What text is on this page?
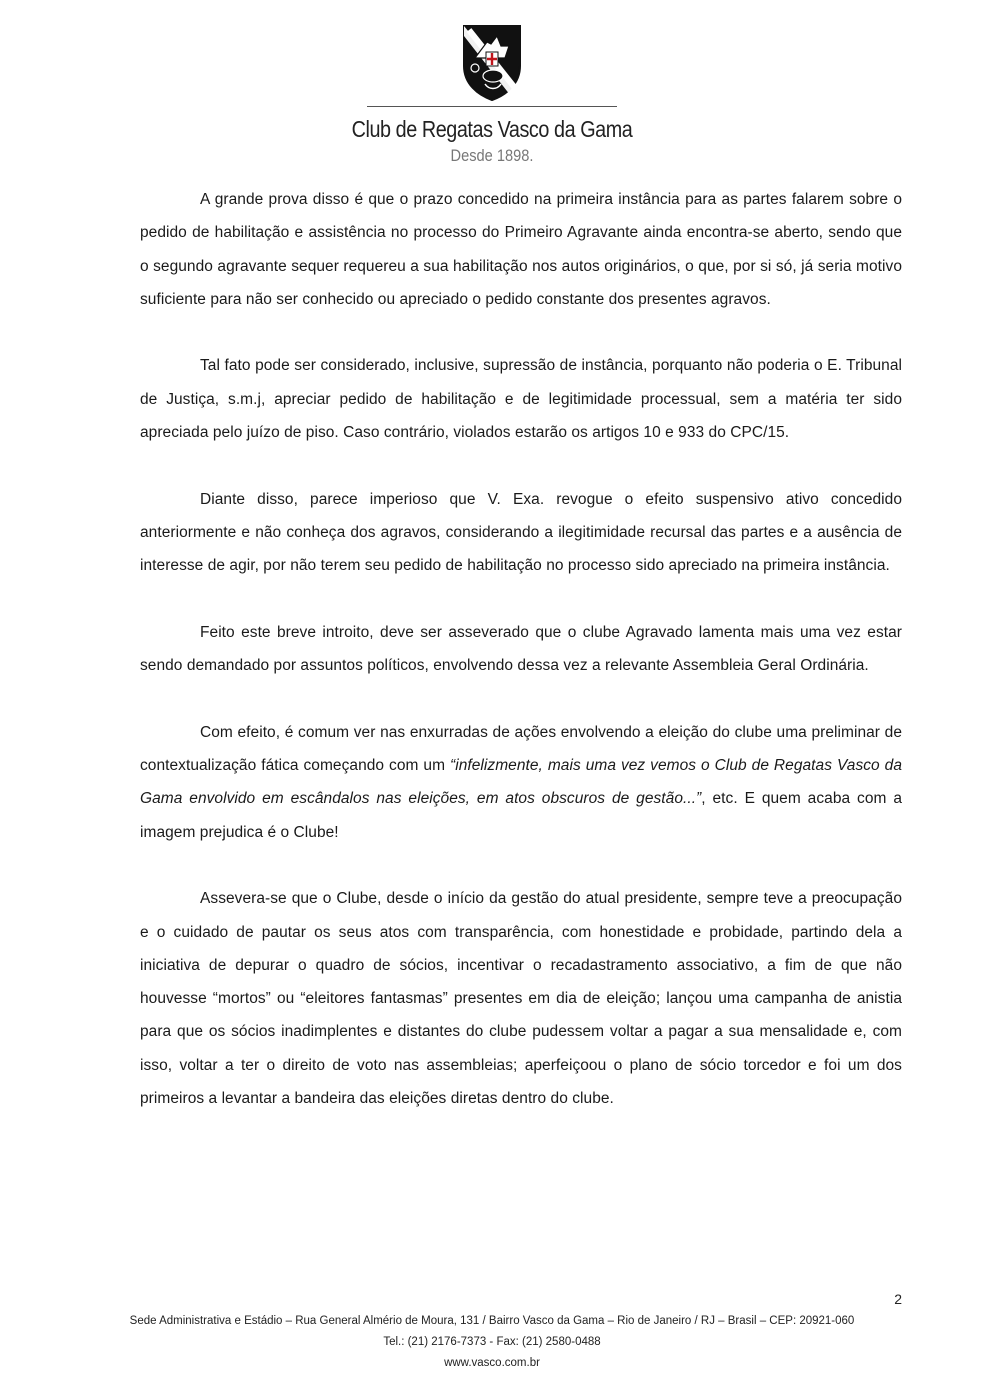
Club de Regatas Vasco da Gama
Desde 1898.

A grande prova disso é que o prazo concedido na primeira instância para as partes falarem sobre o pedido de habilitação e assistência no processo do Primeiro Agravante ainda encontra-se aberto, sendo que o segundo agravante sequer requereu a sua habilitação nos autos originários, o que, por si só, já seria motivo suficiente para não ser conhecido ou apreciado o pedido constante dos presentes agravos.

Tal fato pode ser considerado, inclusive, supressão de instância, porquanto não poderia o E. Tribunal de Justiça, s.m.j, apreciar pedido de habilitação e de legitimidade processual, sem a matéria ter sido apreciada pelo juízo de piso. Caso contrário, violados estarão os artigos 10 e 933 do CPC/15.

Diante disso, parece imperioso que V. Exa. revogue o efeito suspensivo ativo concedido anteriormente e não conheça dos agravos, considerando a ilegitimidade recursal das partes e a ausência de interesse de agir, por não terem seu pedido de habilitação no processo sido apreciado na primeira instância.

Feito este breve introito, deve ser asseverado que o clube Agravado lamenta mais uma vez estar sendo demandado por assuntos políticos, envolvendo dessa vez a relevante Assembleia Geral Ordinária.

Com efeito, é comum ver nas enxurradas de ações envolvendo a eleição do clube uma preliminar de contextualização fática começando com um “infelizmente, mais uma vez vemos o Club de Regatas Vasco da Gama envolvido em escândalos nas eleições, em atos obscuros de gestão...”, etc. E quem acaba com a imagem prejudica é o Clube!

Assevera-se que o Clube, desde o início da gestão do atual presidente, sempre teve a preocupação e o cuidado de pautar os seus atos com transparência, com honestidade e probidade, partindo dela a iniciativa de depurar o quadro de sócios, incentivar o recadastramento associativo, a fim de que não houvesse “mortos” ou “eleitores fantasmas” presentes em dia de eleição; lançou uma campanha de anistia para que os sócios inadimplentes e distantes do clube pudessem voltar a pagar a sua mensalidade e, com isso, voltar a ter o direito de voto nas assembleias; aperfeiçoou o plano de sócio torcedor e foi um dos primeiros a levantar a bandeira das eleições diretas dentro do clube.

2
Sede Administrativa e Estádio – Rua General Almério de Moura, 131 / Bairro Vasco da Gama – Rio de Janeiro / RJ – Brasil – CEP: 20921-060
Tel.: (21) 2176-7373 - Fax: (21) 2580-0488
www.vasco.com.br
